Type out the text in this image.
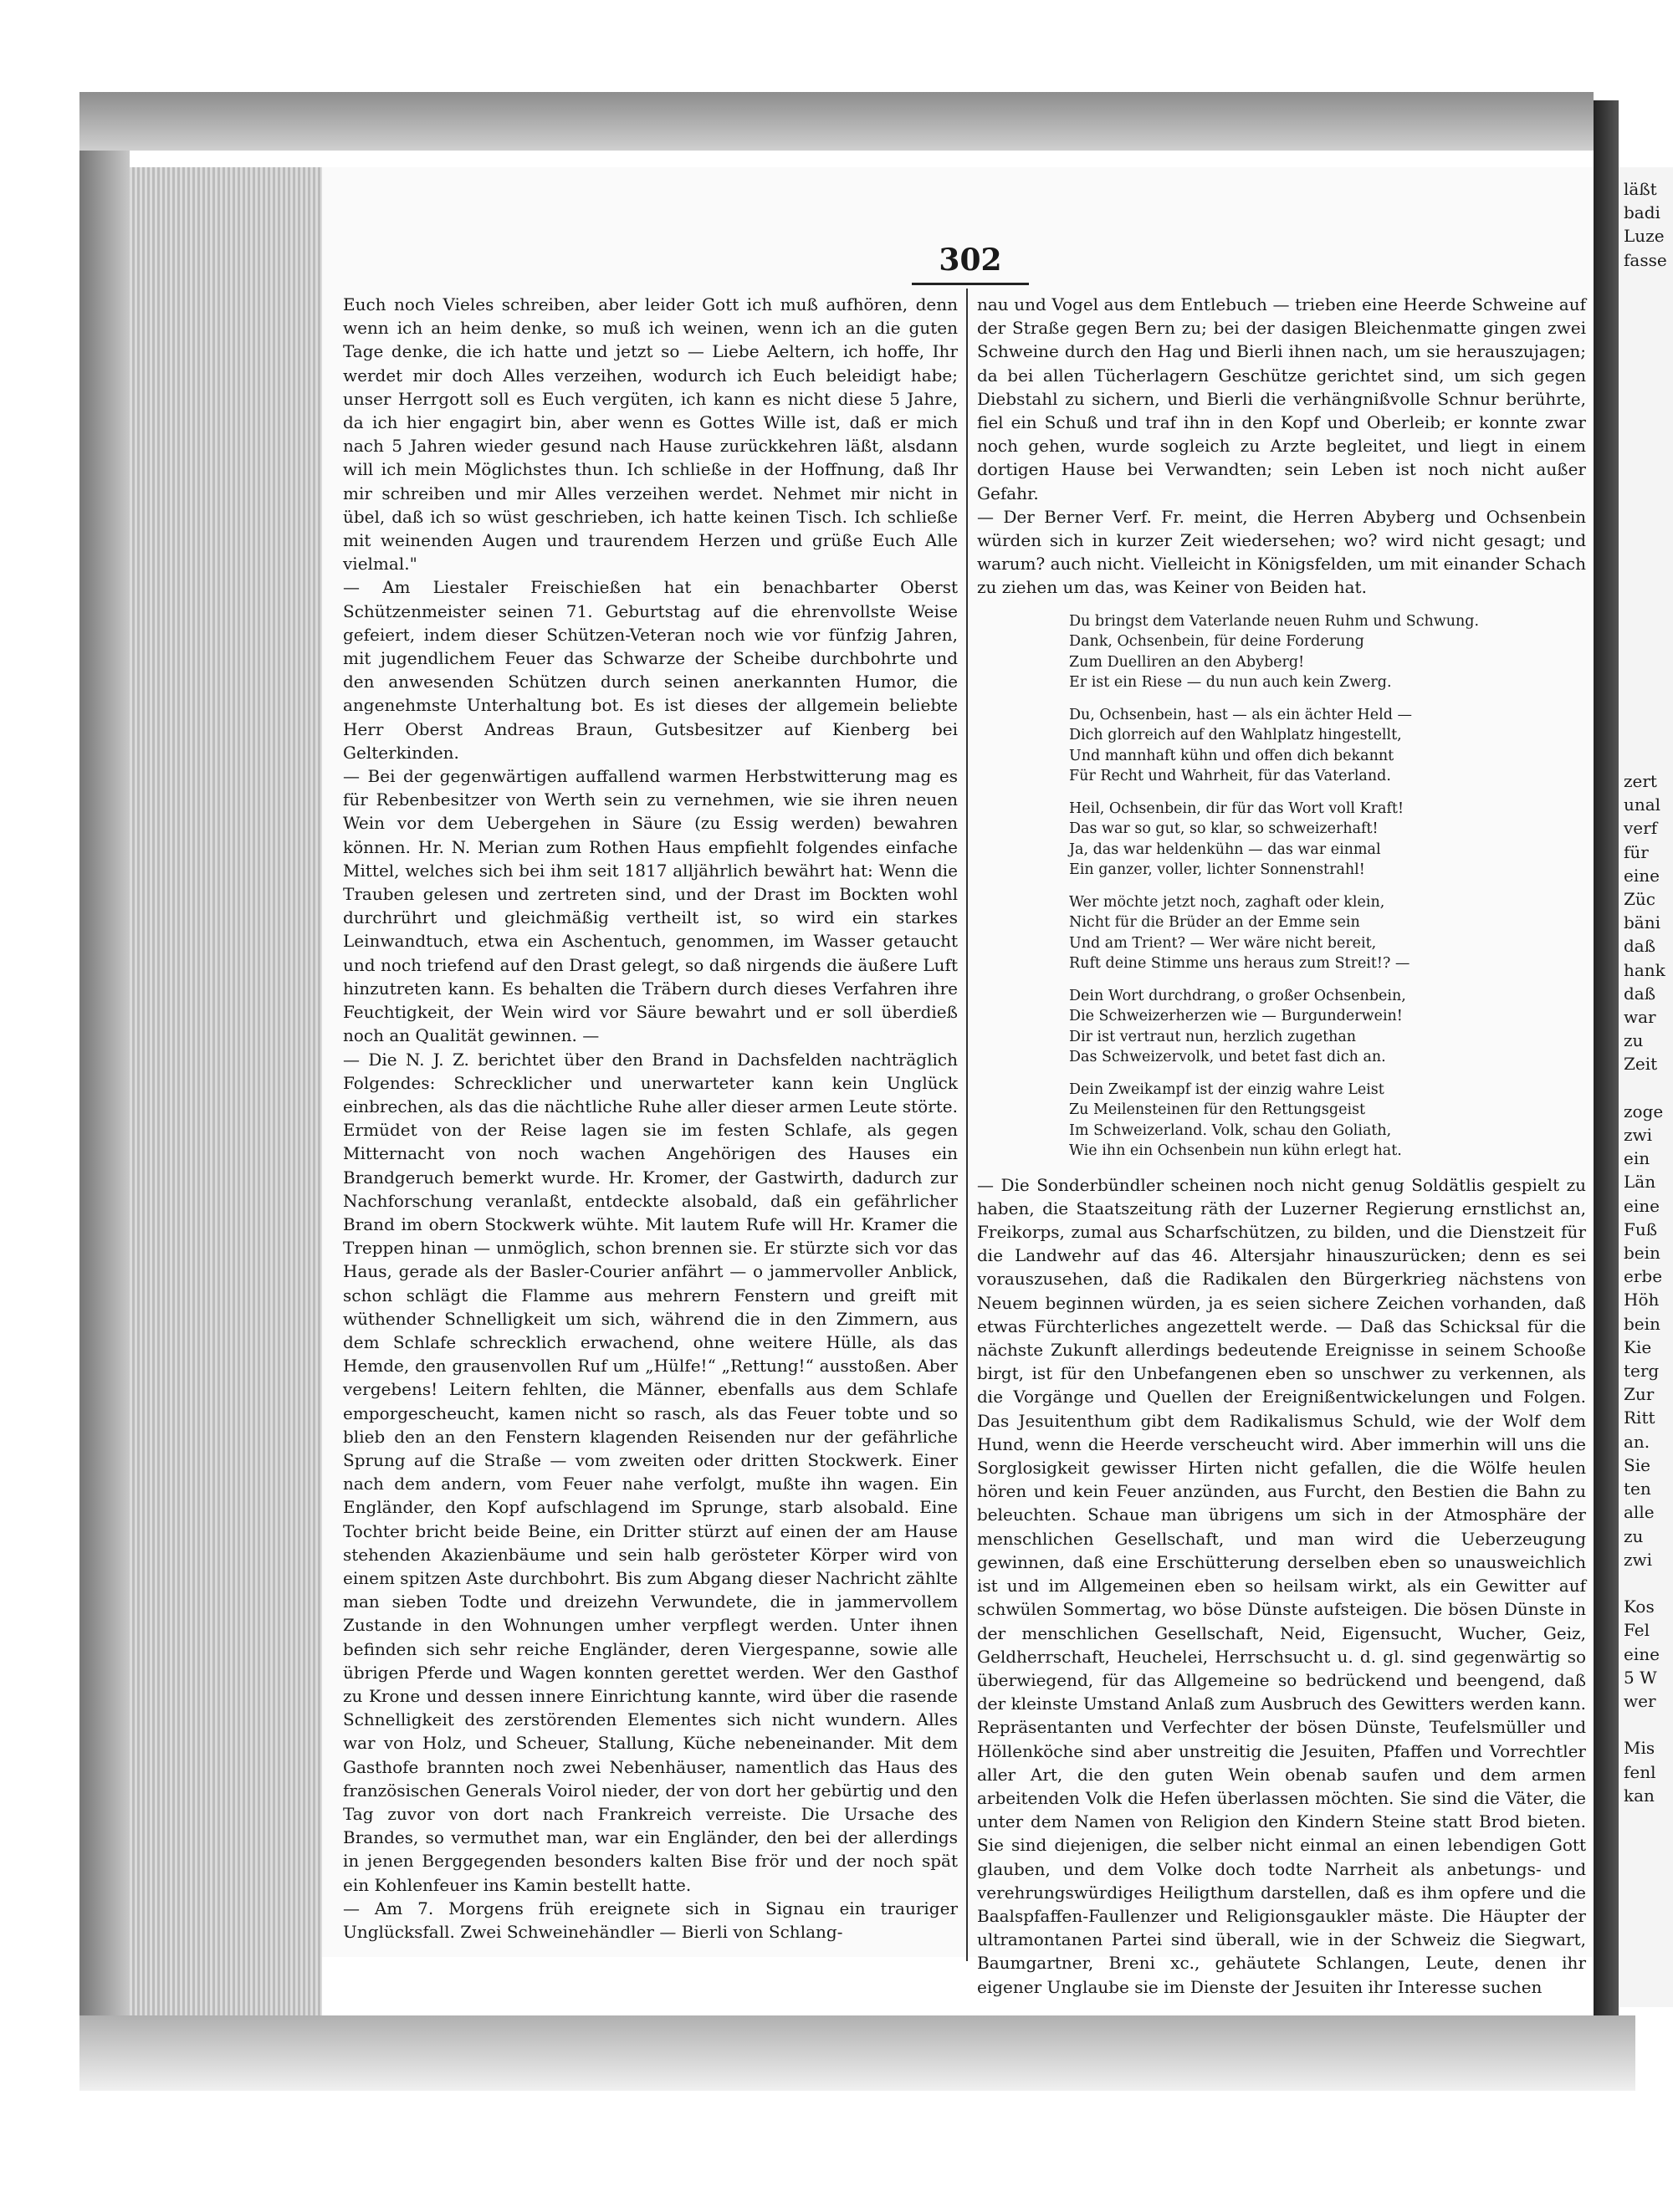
läßt
badi
Luze
fasse
zert
unal
verf
für
eine
Züc
bäni
daß
hank
daß
war
zu
Zeit

zoge
zwi
ein
Län
eine
Fuß
bein
erbe
Höh
bein
Kie
terg
Zur
Ritt
an.
Sie
ten
alle
zu
zwi

Kos
Fel
eine
5 W
wer

Mis
fenl
kan
302

Euch noch Vieles schreiben, aber leider Gott ich muß aufhören, denn wenn ich an heim denke, so muß ich weinen, wenn ich an die guten Tage denke, die ich hatte und jetzt so — Liebe Aeltern, ich hoffe, Ihr werdet mir doch Alles verzeihen, wodurch ich Euch beleidigt habe; unser Herrgott soll es Euch vergüten, ich kann es nicht diese 5 Jahre, da ich hier engagirt bin, aber wenn es Gottes Wille ist, daß er mich nach 5 Jahren wieder gesund nach Hause zurückkehren läßt, alsdann will ich mein Möglichstes thun. Ich schließe in der Hoffnung, daß Ihr mir schreiben und mir Alles verzeihen werdet. Nehmet mir nicht in übel, daß ich so wüst geschrieben, ich hatte keinen Tisch. Ich schließe mit weinenden Augen und traurendem Herzen und grüße Euch Alle vielmal."

— Am Liestaler Freischießen hat ein benachbarter Oberst Schützenmeister seinen 71. Geburtstag auf die ehrenvollste Weise gefeiert, indem dieser Schützen-Veteran noch wie vor fünfzig Jahren, mit jugendlichem Feuer das Schwarze der Scheibe durchbohrte und den anwesenden Schützen durch seinen anerkannten Humor, die angenehmste Unterhaltung bot. Es ist dieses der allgemein beliebte Herr Oberst Andreas Braun, Gutsbesitzer auf Kienberg bei Gelterkinden.

— Bei der gegenwärtigen auffallend warmen Herbstwitterung mag es für Rebenbesitzer von Werth sein zu vernehmen, wie sie ihren neuen Wein vor dem Uebergehen in Säure (zu Essig werden) bewahren können. Hr. N. Merian zum Rothen Haus empfiehlt folgendes einfache Mittel, welches sich bei ihm seit 1817 alljährlich bewährt hat: Wenn die Trauben gelesen und zertreten sind, und der Drast im Bockten wohl durchrührt und gleichmäßig vertheilt ist, so wird ein starkes Leinwandtuch, etwa ein Aschentuch, genommen, im Wasser getaucht und noch triefend auf den Drast gelegt, so daß nirgends die äußere Luft hinzutreten kann. Es behalten die Träbern durch dieses Verfahren ihre Feuchtigkeit, der Wein wird vor Säure bewahrt und er soll überdieß noch an Qualität gewinnen. —

— Die N. J. Z. berichtet über den Brand in Dachsfelden nachträglich Folgendes: Schrecklicher und unerwarteter kann kein Unglück einbrechen, als das die nächtliche Ruhe aller dieser armen Leute störte. Ermüdet von der Reise lagen sie im festen Schlafe, als gegen Mitternacht von noch wachen Angehörigen des Hauses ein Brandgeruch bemerkt wurde. Hr. Kromer, der Gastwirth, dadurch zur Nachforschung veranlaßt, entdeckte alsobald, daß ein gefährlicher Brand im obern Stockwerk wühte. Mit lautem Rufe will Hr. Kramer die Treppen hinan — unmöglich, schon brennen sie. Er stürzte sich vor das Haus, gerade als der Basler-Courier anfährt — o jammervoller Anblick, schon schlägt die Flamme aus mehrern Fenstern und greift mit wüthender Schnelligkeit um sich, während die in den Zimmern, aus dem Schlafe schrecklich erwachend, ohne weitere Hülle, als das Hemde, den grausenvollen Ruf um „Hülfe!“ „Rettung!“ ausstoßen. Aber vergebens! Leitern fehlten, die Männer, ebenfalls aus dem Schlafe emporgescheucht, kamen nicht so rasch, als das Feuer tobte und so blieb den an den Fenstern klagenden Reisenden nur der gefährliche Sprung auf die Straße — vom zweiten oder dritten Stockwerk. Einer nach dem andern, vom Feuer nahe verfolgt, mußte ihn wagen. Ein Engländer, den Kopf aufschlagend im Sprunge, starb alsobald. Eine Tochter bricht beide Beine, ein Dritter stürzt auf einen der am Hause stehenden Akazienbäume und sein halb gerösteter Körper wird von einem spitzen Aste durchbohrt. Bis zum Abgang dieser Nachricht zählte man sieben Todte und dreizehn Verwundete, die in jammervollem Zustande in den Wohnungen umher verpflegt werden. Unter ihnen befinden sich sehr reiche Engländer, deren Viergespanne, sowie alle übrigen Pferde und Wagen konnten gerettet werden. Wer den Gasthof zu Krone und dessen innere Einrichtung kannte, wird über die rasende Schnelligkeit des zerstörenden Elementes sich nicht wundern. Alles war von Holz, und Scheuer, Stallung, Küche nebeneinander. Mit dem Gasthofe brannten noch zwei Nebenhäuser, namentlich das Haus des französischen Generals Voirol nieder, der von dort her gebürtig und den Tag zuvor von dort nach Frankreich verreiste. Die Ursache des Brandes, so vermuthet man, war ein Engländer, den bei der allerdings in jenen Berggegenden besonders kalten Bise frör und der noch spät ein Kohlenfeuer ins Kamin bestellt hatte.

— Am 7. Morgens früh ereignete sich in Signau ein trauriger Unglücksfall. Zwei Schweinehändler — Bierli von Schlang-

nau und Vogel aus dem Entlebuch — trieben eine Heerde Schweine auf der Straße gegen Bern zu; bei der dasigen Bleichenmatte gingen zwei Schweine durch den Hag und Bierli ihnen nach, um sie herauszujagen; da bei allen Tücherlagern Geschütze gerichtet sind, um sich gegen Diebstahl zu sichern, und Bierli die verhängnißvolle Schnur berührte, fiel ein Schuß und traf ihn in den Kopf und Oberleib; er konnte zwar noch gehen, wurde sogleich zu Arzte begleitet, und liegt in einem dortigen Hause bei Verwandten; sein Leben ist noch nicht außer Gefahr.

— Der Berner Verf. Fr. meint, die Herren Abyberg und Ochsenbein würden sich in kurzer Zeit wiedersehen; wo? wird nicht gesagt; und warum? auch nicht. Vielleicht in Königsfelden, um mit einander Schach zu ziehen um das, was Keiner von Beiden hat.

Du bringst dem Vaterlande neuen Ruhm und Schwung.
Dank, Ochsenbein, für deine Forderung
Zum Duelliren an den Abyberg!
Er ist ein Riese — du nun auch kein Zwerg.
Du, Ochsenbein, hast — als ein ächter Held —
Dich glorreich auf den Wahlplatz hingestellt,
Und mannhaft kühn und offen dich bekannt
Für Recht und Wahrheit, für das Vaterland.
Heil, Ochsenbein, dir für das Wort voll Kraft!
Das war so gut, so klar, so schweizerhaft!
Ja, das war heldenkühn — das war einmal
Ein ganzer, voller, lichter Sonnenstrahl!
Wer möchte jetzt noch, zaghaft oder klein,
Nicht für die Brüder an der Emme sein
Und am Trient? — Wer wäre nicht bereit,
Ruft deine Stimme uns heraus zum Streit!? —
Dein Wort durchdrang, o großer Ochsenbein,
Die Schweizerherzen wie — Burgunderwein!
Dir ist vertraut nun, herzlich zugethan
Das Schweizervolk, und betet fast dich an.
Dein Zweikampf ist der einzig wahre Leist
Zu Meilensteinen für den Rettungsgeist
Im Schweizerland. Volk, schau den Goliath,
Wie ihn ein Ochsenbein nun kühn erlegt hat.

— Die Sonderbündler scheinen noch nicht genug Soldätlis gespielt zu haben, die Staatszeitung räth der Luzerner Regierung ernstlichst an, Freikorps, zumal aus Scharfschützen, zu bilden, und die Dienstzeit für die Landwehr auf das 46. Altersjahr hinauszurücken; denn es sei vorauszusehen, daß die Radikalen den Bürgerkrieg nächstens von Neuem beginnen würden, ja es seien sichere Zeichen vorhanden, daß etwas Fürchterliches angezettelt werde. — Daß das Schicksal für die nächste Zukunft allerdings bedeutende Ereignisse in seinem Schooße birgt, ist für den Unbefangenen eben so unschwer zu verkennen, als die Vorgänge und Quellen der Ereignißentwickelungen und Folgen. Das Jesuitenthum gibt dem Radikalismus Schuld, wie der Wolf dem Hund, wenn die Heerde verscheucht wird. Aber immerhin will uns die Sorglosigkeit gewisser Hirten nicht gefallen, die die Wölfe heulen hören und kein Feuer anzünden, aus Furcht, den Bestien die Bahn zu beleuchten. Schaue man übrigens um sich in der Atmosphäre der menschlichen Gesellschaft, und man wird die Ueberzeugung gewinnen, daß eine Erschütterung derselben eben so unausweichlich ist und im Allgemeinen eben so heilsam wirkt, als ein Gewitter auf schwülen Sommertag, wo böse Dünste aufsteigen. Die bösen Dünste in der menschlichen Gesellschaft, Neid, Eigensucht, Wucher, Geiz, Geldherrschaft, Heuchelei, Herrschsucht u. d. gl. sind gegenwärtig so überwiegend, für das Allgemeine so bedrückend und beengend, daß der kleinste Umstand Anlaß zum Ausbruch des Gewitters werden kann. Repräsentanten und Verfechter der bösen Dünste, Teufelsmüller und Höllenköche sind aber unstreitig die Jesuiten, Pfaffen und Vorrechtler aller Art, die den guten Wein obenab saufen und dem armen arbeitenden Volk die Hefen überlassen möchten. Sie sind die Väter, die unter dem Namen von Religion den Kindern Steine statt Brod bieten. Sie sind diejenigen, die selber nicht einmal an einen lebendigen Gott glauben, und dem Volke doch todte Narrheit als anbetungs- und verehrungswürdiges Heiligthum darstellen, daß es ihm opfere und die Baalspfaffen-Faullenzer und Religionsgaukler mäste. Die Häupter der ultramontanen Partei sind überall, wie in der Schweiz die Siegwart, Baumgartner, Breni xc., gehäutete Schlangen, Leute, denen ihr eigener Unglaube sie im Dienste der Jesuiten ihr Interesse suchen
